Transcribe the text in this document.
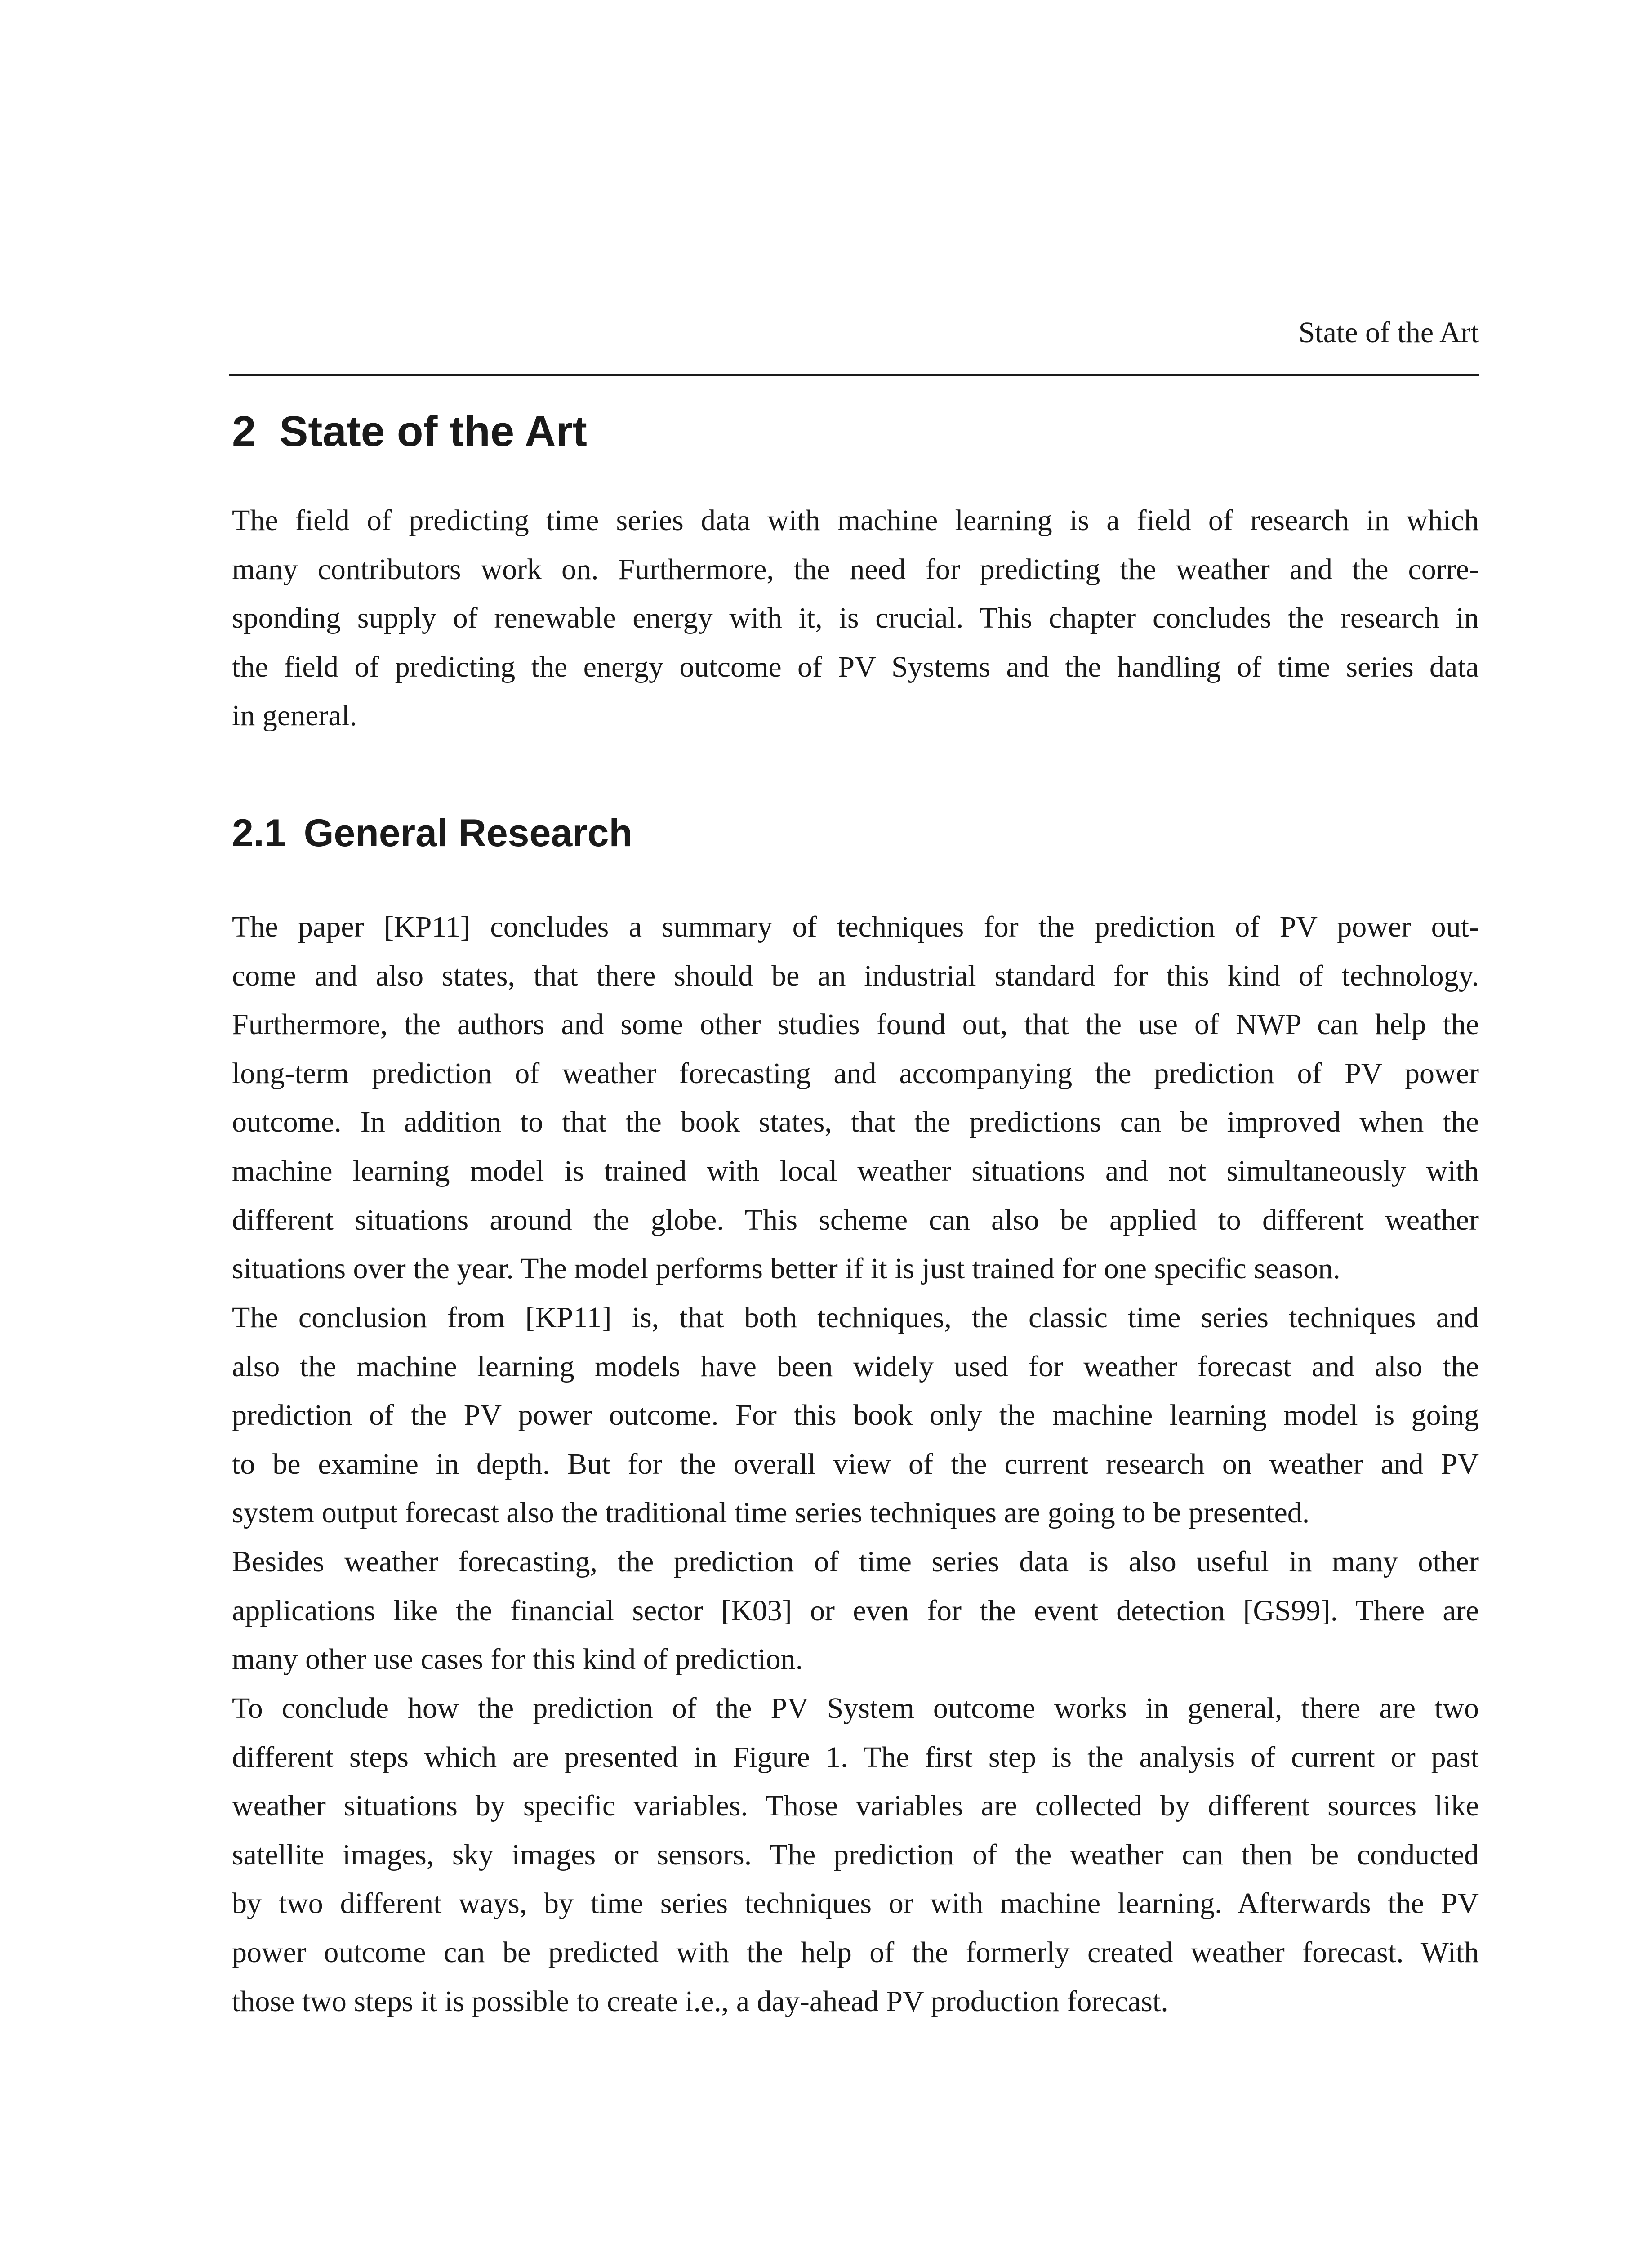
State of the Art
2 State of the Art
The field of predicting time series data with machine learning is a field of research in which
many contributors work on. Furthermore, the need for predicting the weather and the corre-
sponding supply of renewable energy with it, is crucial. This chapter concludes the research in
the field of predicting the energy outcome of PV Systems and the handling of time series data
in general.
2.1 General Research
The paper [KP11] concludes a summary of techniques for the prediction of PV power out-
come and also states, that there should be an industrial standard for this kind of technology.
Furthermore, the authors and some other studies found out, that the use of NWP can help the
long-term prediction of weather forecasting and accompanying the prediction of PV power
outcome. In addition to that the book states, that the predictions can be improved when the
machine learning model is trained with local weather situations and not simultaneously with
different situations around the globe. This scheme can also be applied to different weather
situations over the year. The model performs better if it is just trained for one specific season.
The conclusion from [KP11] is, that both techniques, the classic time series techniques and
also the machine learning models have been widely used for weather forecast and also the
prediction of the PV power outcome. For this book only the machine learning model is going
to be examine in depth. But for the overall view of the current research on weather and PV
system output forecast also the traditional time series techniques are going to be presented.
Besides weather forecasting, the prediction of time series data is also useful in many other
applications like the financial sector [K03] or even for the event detection [GS99]. There are
many other use cases for this kind of prediction.
To conclude how the prediction of the PV System outcome works in general, there are two
different steps which are presented in Figure 1. The first step is the analysis of current or past
weather situations by specific variables. Those variables are collected by different sources like
satellite images, sky images or sensors. The prediction of the weather can then be conducted
by two different ways, by time series techniques or with machine learning. Afterwards the PV
power outcome can be predicted with the help of the formerly created weather forecast. With
those two steps it is possible to create i.e., a day-ahead PV production forecast.
